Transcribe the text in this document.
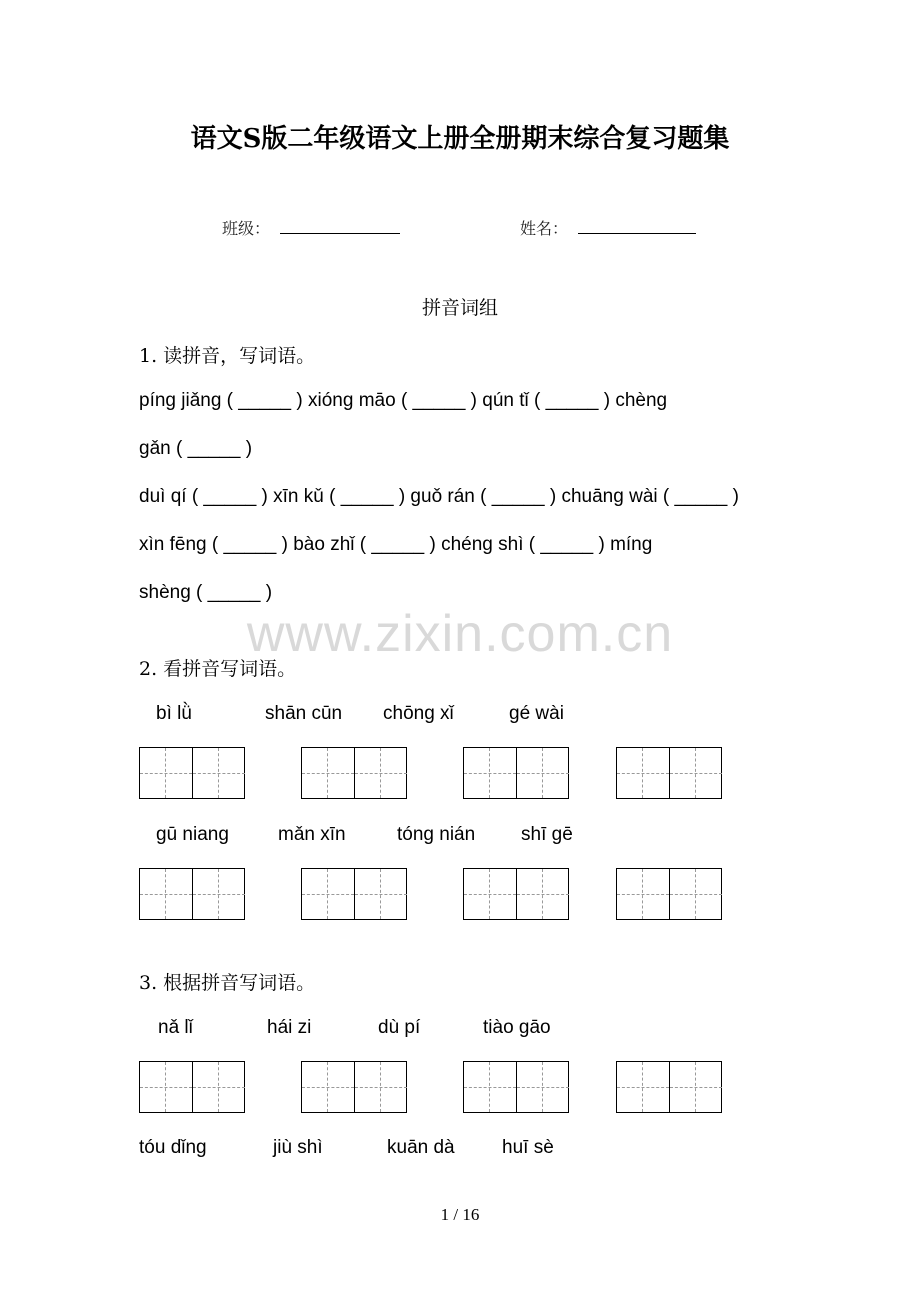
语文S版二年级语文上册全册期末综合复习题集
班级：	姓名：
拼音词组
1. 读拼音，写词语。
píng jiǎng ( _____ ) xióng māo ( _____ ) qún tǐ ( _____ ) chèng
gǎn ( _____ )
duì qí ( _____ ) xīn kǔ ( _____ ) guǒ rán ( _____ ) chuāng wài ( _____ )
xìn fēng ( _____ ) bào zhǐ ( _____ ) chéng shì ( _____ ) míng
shèng ( _____ )
www.zixin.com.cn
2. 看拼音写词语。
bì lǜ	shān cūn chōng xǐ	gé wài
gū niang	mǎn xīn	tóng nián shī gē
3. 根据拼音写词语。
nǎ lǐ	hái zi	dù pí	tiào gāo
tóu dǐng	jiù shì	kuān dà huī sè
1 / 16
